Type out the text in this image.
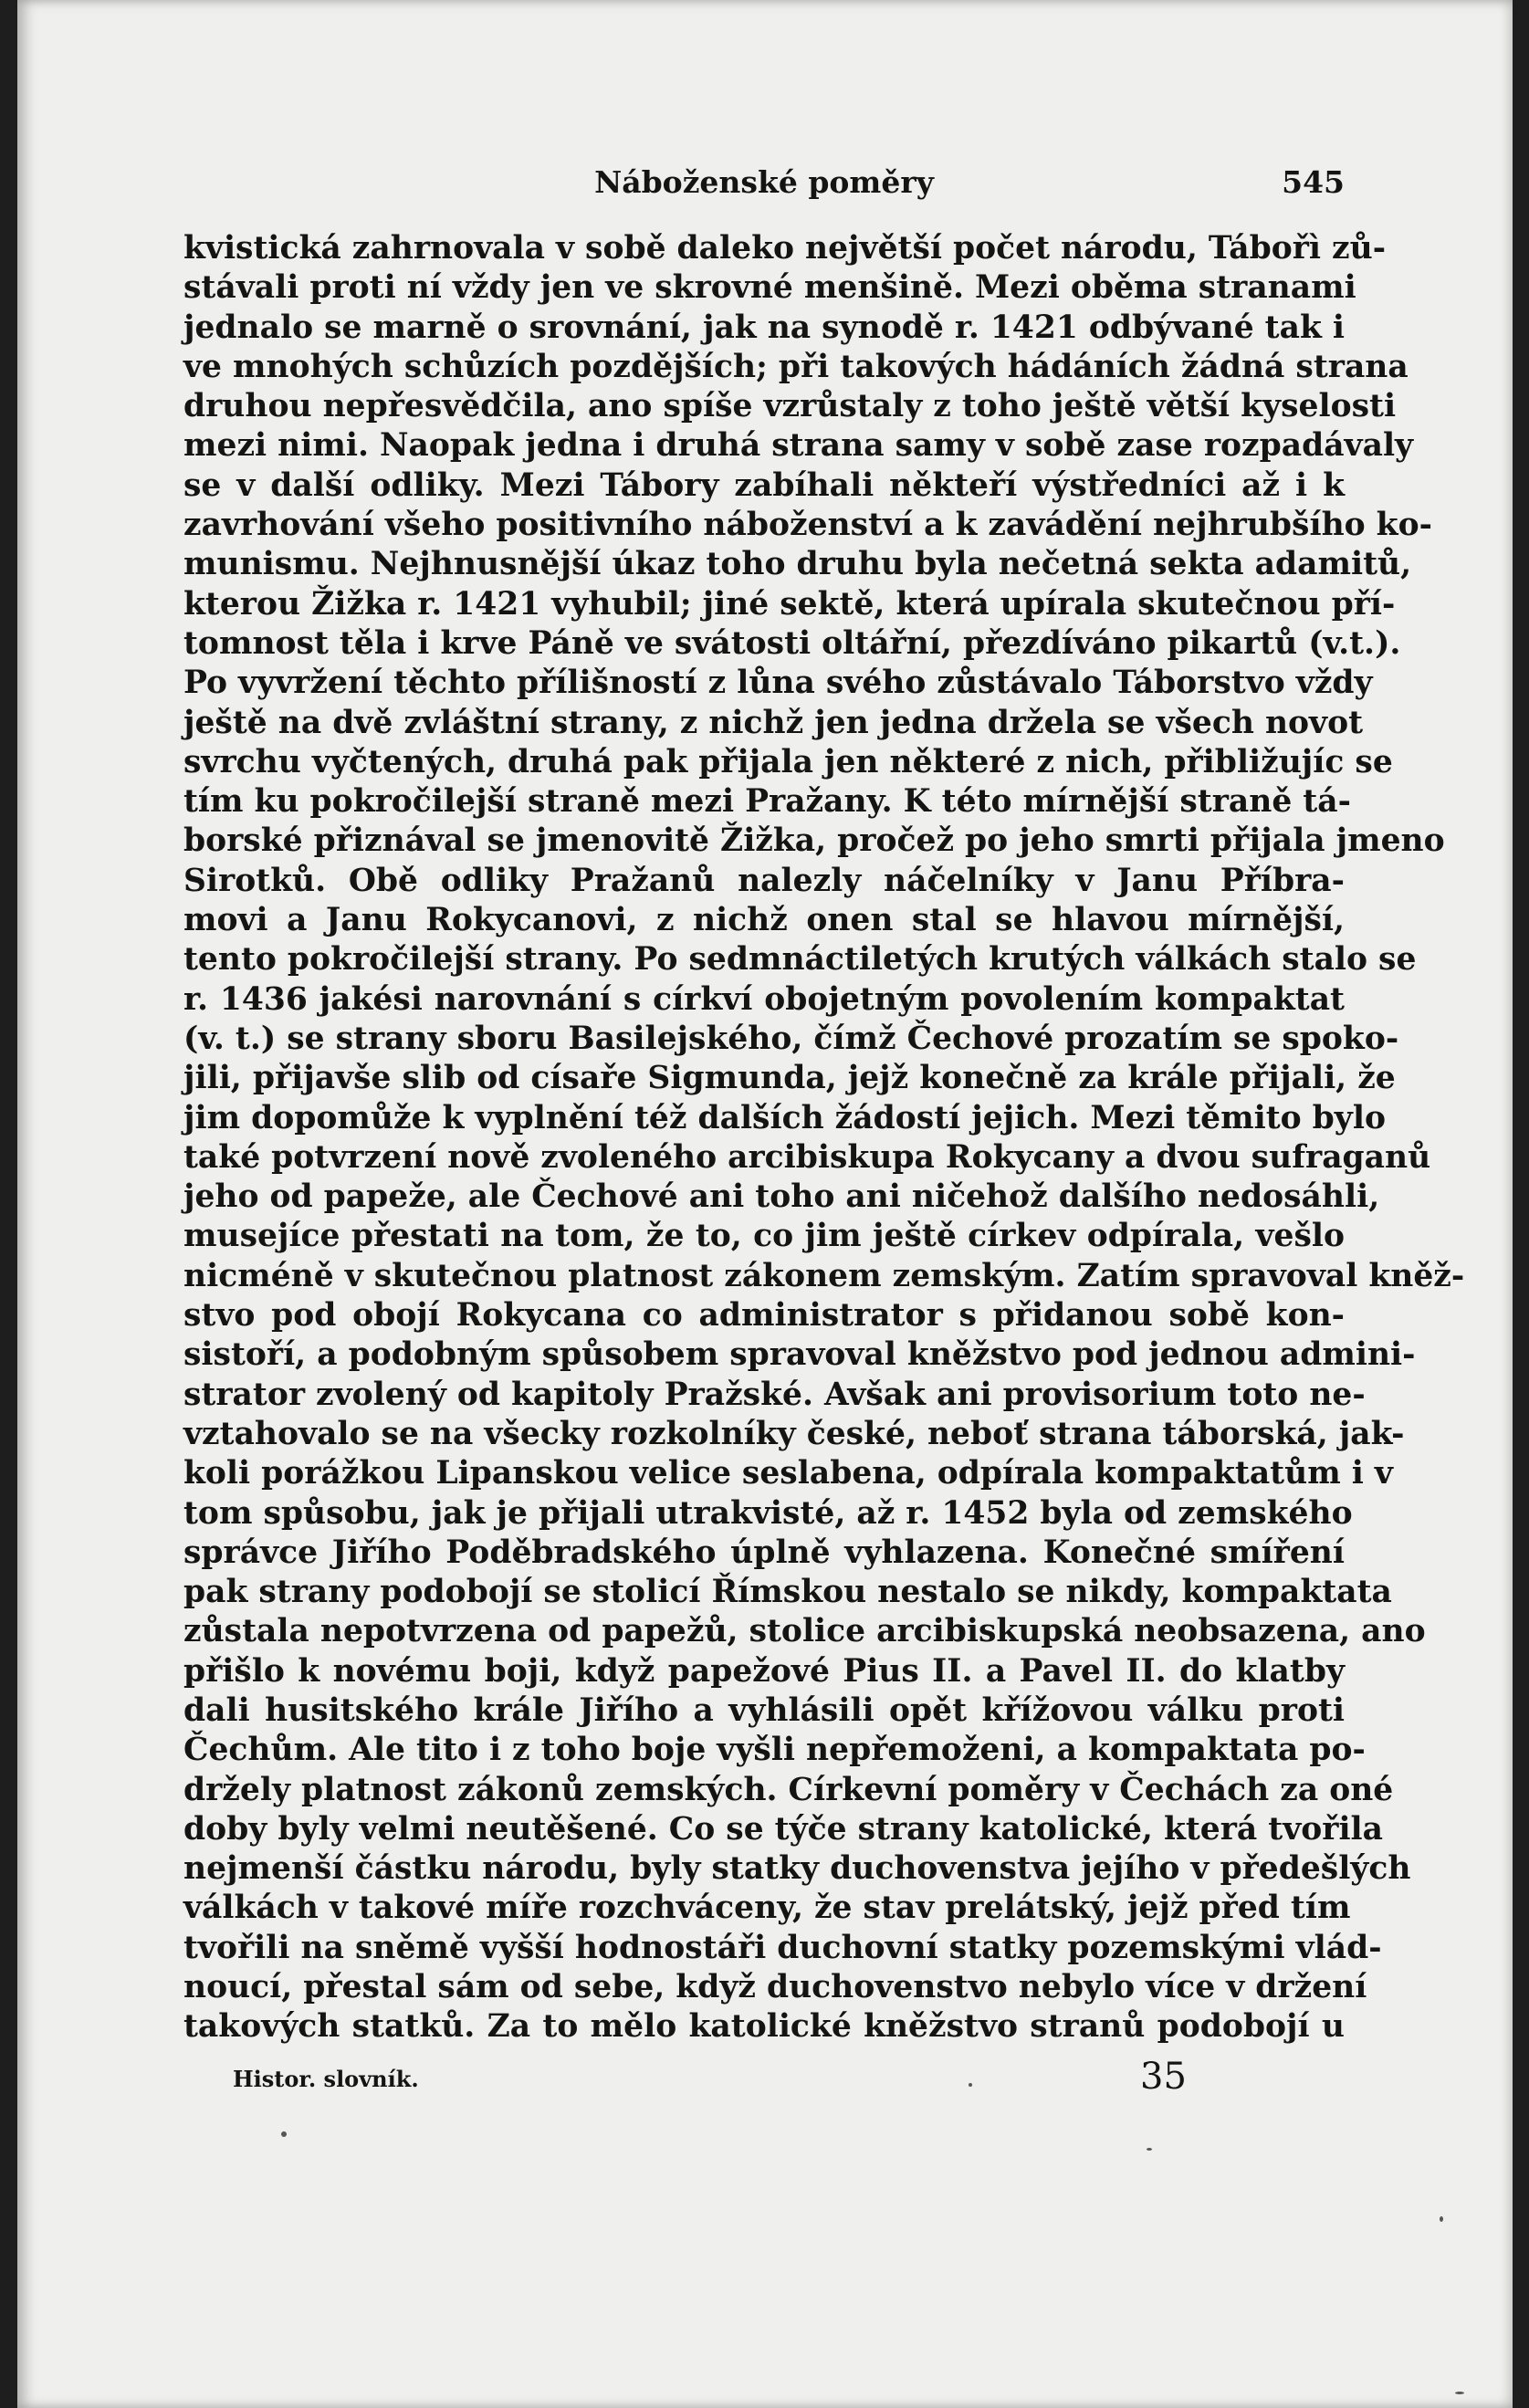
Náboženské poměry	545
kvistická zahrnovala v sobě daleko největší počet národu, Tábořì zů-
stávali proti ní vždy jen ve skrovné menšině. Mezi oběma stranami
jednalo se marně o srovnání, jak na synodě r. 1421 odbývané tak i
ve mnohých schůzích pozdějších; při takových hádáních žádná strana
druhou nepřesvědčila, ano spíše vzrůstaly z toho ještě větší kyselosti
mezi nimi. Naopak jedna i druhá strana samy v sobě zase rozpadávaly
se v další odliky. Mezi Tábory zabíhali někteří výstředníci až i k
zavrhování všeho positivního náboženství a k zavádění nejhrubšího ko-
munismu. Nejhnusnější úkaz toho druhu byla nečetná sekta adamitů,
kterou Žižka r. 1421 vyhubil; jiné sektě, která upírala skutečnou pří-
tomnost těla i krve Páně ve svátosti oltářní, přezdíváno pikartů (v.t.).
Po vyvržení těchto přílišností z lůna svého zůstávalo Táborstvo vždy
ještě na dvě zvláštní strany, z nichž jen jedna držela se všech novot
svrchu vyčtených, druhá pak přijala jen některé z nich, přibližujíc se
tím ku pokročilejší straně mezi Pražany. K této mírnější straně tá-
borské přiznával se jmenovitě Žižka, pročež po jeho smrti přijala jmeno
Sirotků. Obě odliky Pražanů nalezly náčelníky v Janu Příbra-
movi a Janu Rokycanovi, z nichž onen stal se hlavou mírnější,
tento pokročilejší strany. Po sedmnáctiletých krutých válkách stalo se
r. 1436 jakési narovnání s církví obojetným povolením kompaktat
(v. t.) se strany sboru Basilejského, čímž Čechové prozatím se spoko-
jili, přijavše slib od císaře Sigmunda, jejž konečně za krále přijali, že
jim dopomůže k vyplnění též dalších žádostí jejich. Mezi těmito bylo
také potvrzení nově zvoleného arcibiskupa Rokycany a dvou sufraganů
jeho od papeže, ale Čechové ani toho ani ničehož dalšího nedosáhli,
musejíce přestati na tom, že to, co jim ještě církev odpírala, vešlo
nicméně v skutečnou platnost zákonem zemským. Zatím spravoval kněž-
stvo pod obojí Rokycana co administrator s přidanou sobě kon-
sistoří, a podobným spůsobem spravoval kněžstvo pod jednou admini-
strator zvolený od kapitoly Pražské. Avšak ani provisorium toto ne-
vztahovalo se na všecky rozkolníky české, neboť strana táborská, jak-
koli porážkou Lipanskou velice seslabena, odpírala kompaktatům i v
tom spůsobu, jak je přijali utrakvisté, až r. 1452 byla od zemského
správce Jiřího Poděbradského úplně vyhlazena. Konečné smíření
pak strany podobojí se stolicí Římskou nestalo se nikdy, kompaktata
zůstala nepotvrzena od papežů, stolice arcibiskupská neobsazena, ano
přišlo k novému boji, když papežové Pius II. a Pavel II. do klatby
dali husitského krále Jiřího a vyhlásili opět křížovou válku proti
Čechům. Ale tito i z toho boje vyšli nepřemoženi, a kompaktata po-
držely platnost zákonů zemských. Církevní poměry v Čechách za oné
doby byly velmi neutěšené. Co se týče strany katolické, která tvořila
nejmenší částku národu, byly statky duchovenstva jejího v předešlých
válkách v takové míře rozchváceny, že stav prelátský, jejž před tím
tvořili na sněmě vyšší hodnostáři duchovní statky pozemskými vlád-
noucí, přestal sám od sebe, když duchovenstvo nebylo více v držení
takových statků. Za to mělo katolické kněžstvo stranů podobojí u
Histor. slovník.	35
